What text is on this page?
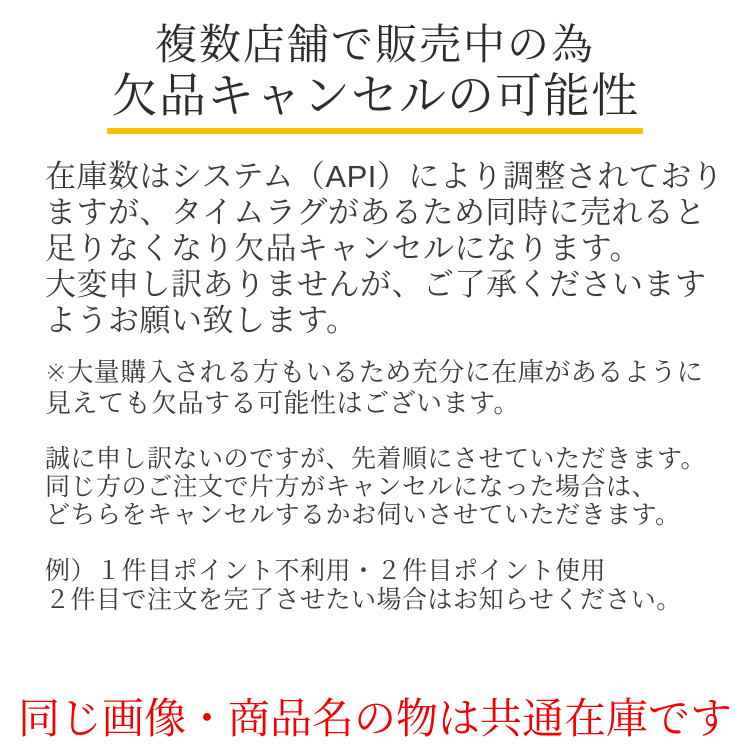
複数店舗で販売中の為
欠品キャンセルの可能性
在庫数はシステム（API）により調整されており
ますが、タイムラグがあるため同時に売れると
足りなくなり欠品キャンセルになります。
大変申し訳ありませんが、ご了承くださいます
ようお願い致します。
※大量購入される方もいるため充分に在庫があるように
見えても欠品する可能性はございます。
誠に申し訳ないのですが、先着順にさせていただきます。
同じ方のご注文で片方がキャンセルになった場合は、
どちらをキャンセルするかお伺いさせていただきます。
例）１件目ポイント不利用・２件目ポイント使用
２件目で注文を完了させたい場合はお知らせください。
同じ画像・商品名の物は共通在庫です
